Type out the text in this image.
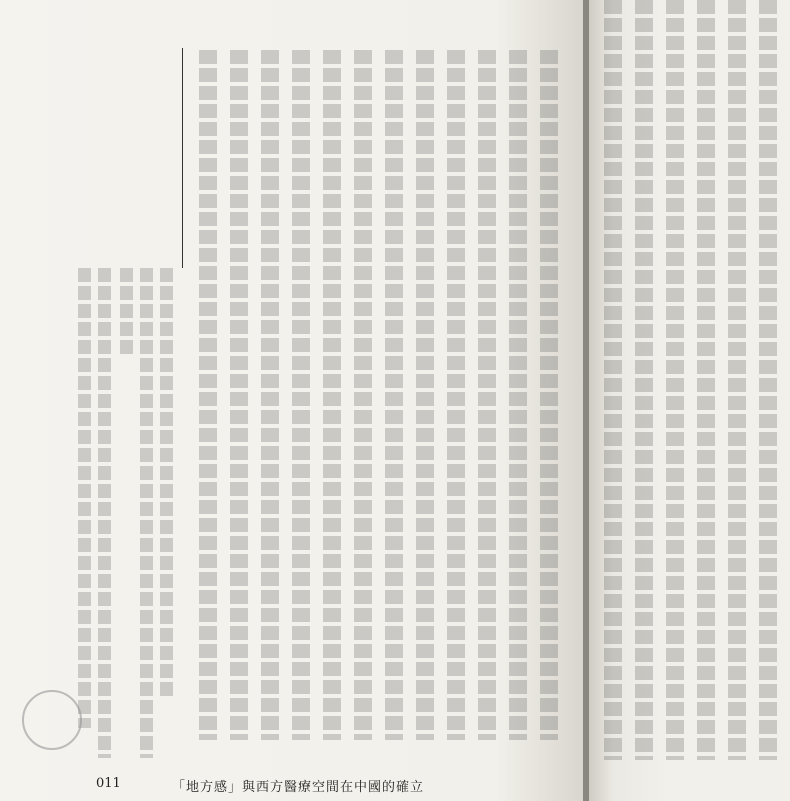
011	「地方感」與西方醫療空間在中國的確立
